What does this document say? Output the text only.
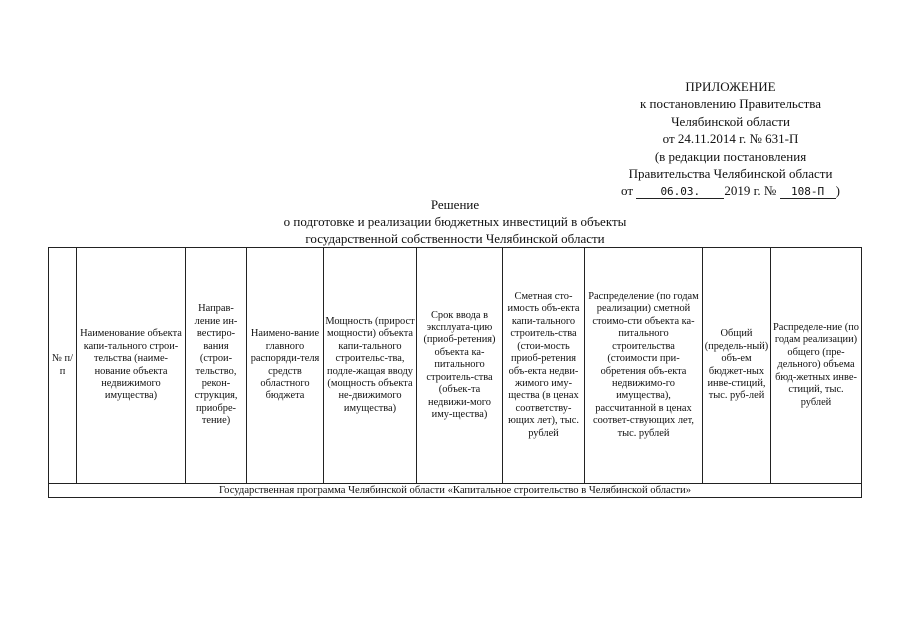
ПРИЛОЖЕНИЕ
к постановлению Правительства
Челябинской области
от 24.11.2014 г. № 631-П
(в редакции постановления
Правительства Челябинской области
от 06.03. 2019 г. № 108-П )
Решение
о подготовке и реализации бюджетных инвестиций в объекты
государственной собственности Челябинской области
№ п/п	Наименование объекта капи-тального строи-тельства (наиме-нование объекта недвижимого имущества)	Направ-ление ин-вестиро-вания (строи-тельство, рекон-струкция, приобре-тение)	Наимено-вание главного распоряди-теля средств областного бюджета	Мощность (прирост мощности) объекта капи-тального строительс-тва, подле-жащая вводу (мощность объекта не-движимого имущества)	Срок ввода в эксплуата-цию (приоб-ретения) объекта ка-питального строитель-ства (объек-та недвижи-мого иму-щества)	Сметная сто-имость объ-екта капи-тального строитель-ства (стои-мость приоб-ретения объ-екта недви-жимого иму-щества (в ценах соответству-ющих лет), тыс. рублей	Распределение (по годам реализации) сметной стоимо-сти объекта ка-питального строительства (стоимости при-обретения объ-екта недвижимо-го имущества), рассчитанной в ценах соответ-ствующих лет, тыс. рублей	Общий (предель-ный) объ-ем бюджет-ных инве-стиций, тыс. руб-лей	Распределе-ние (по годам реализации) общего (пре-дельного) объема бюд-жетных инве-стиций, тыс. рублей
Государственная программа Челябинской области «Капитальное строительство в Челябинской области»
